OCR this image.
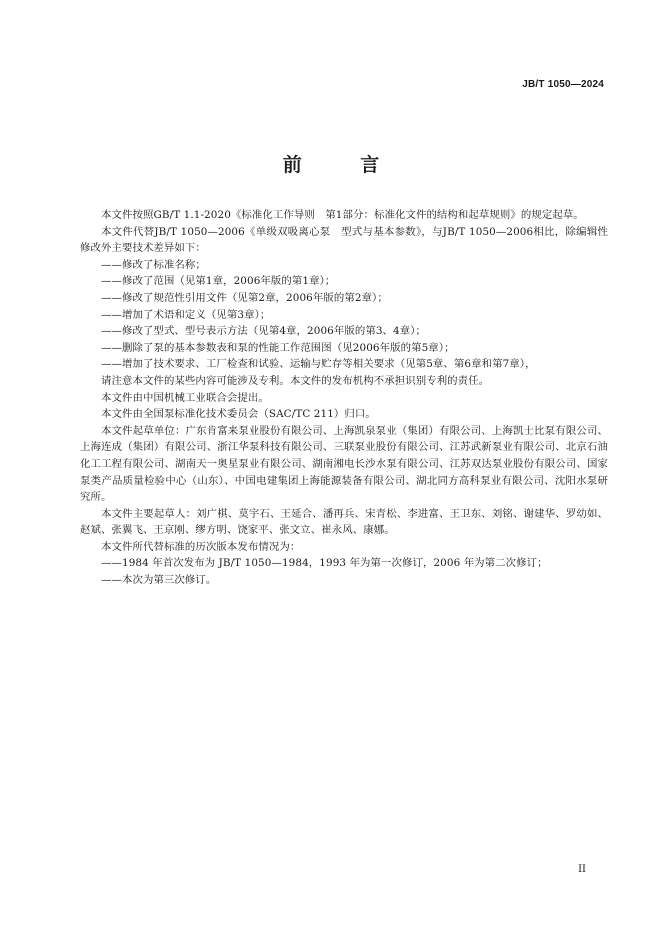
JB/T 1050—2024
前 言

本文件按照GB/T 1.1-2020《标准化工作导则　第1部分：标准化文件的结构和起草规则》的规定起草。

本文件代替JB/T 1050—2006《单级双吸离心泵　型式与基本参数》，与JB/T 1050—2006相比，除编辑性修改外主要技术差异如下：

——修改了标准名称；

——修改了范围（见第1章，2006年版的第1章）；

——修改了规范性引用文件（见第2章，2006年版的第2章）；

——增加了术语和定义（见第3章）；

——修改了型式、型号表示方法（见第4章，2006年版的第3、4章）；

——删除了泵的基本参数表和泵的性能工作范围图（见2006年版的第5章）；

——增加了技术要求、工厂检查和试验、运输与贮存等相关要求（见第5章、第6章和第7章），

请注意本文件的某些内容可能涉及专利。本文件的发布机构不承担识别专利的责任。

本文件由中国机械工业联合会提出。

本文件由全国泵标准化技术委员会（SAC/TC 211）归口。

本文件起草单位：广东肯富来泵业股份有限公司、上海凯泉泵业（集团）有限公司、上海凯士比泵有限公司、上海连成（集团）有限公司、浙江华泵科技有限公司、三联泵业股份有限公司、江苏武新泵业有限公司、北京石油化工工程有限公司、湖南天一奥星泵业有限公司、湖南湘电长沙水泵有限公司、江苏双达泵业股份有限公司、国家泵类产品质量检验中心（山东）、中国电建集团上海能源装备有限公司、湖北同方高科泵业有限公司、沈阳水泵研究所。

本文件主要起草人：刘广棋、莫宇石、王延合、潘再兵、宋青松、李进富、王卫东、刘铭、谢建华、罗幼如、赵斌、张翼飞、王京刚、缪方明、饶家平、张文立、崔永风、康娜。

本文件所代替标准的历次版本发布情况为：

——1984 年首次发布为 JB/T 1050—1984，1993 年为第一次修订，2006 年为第二次修订；

——本次为第三次修订。

II
